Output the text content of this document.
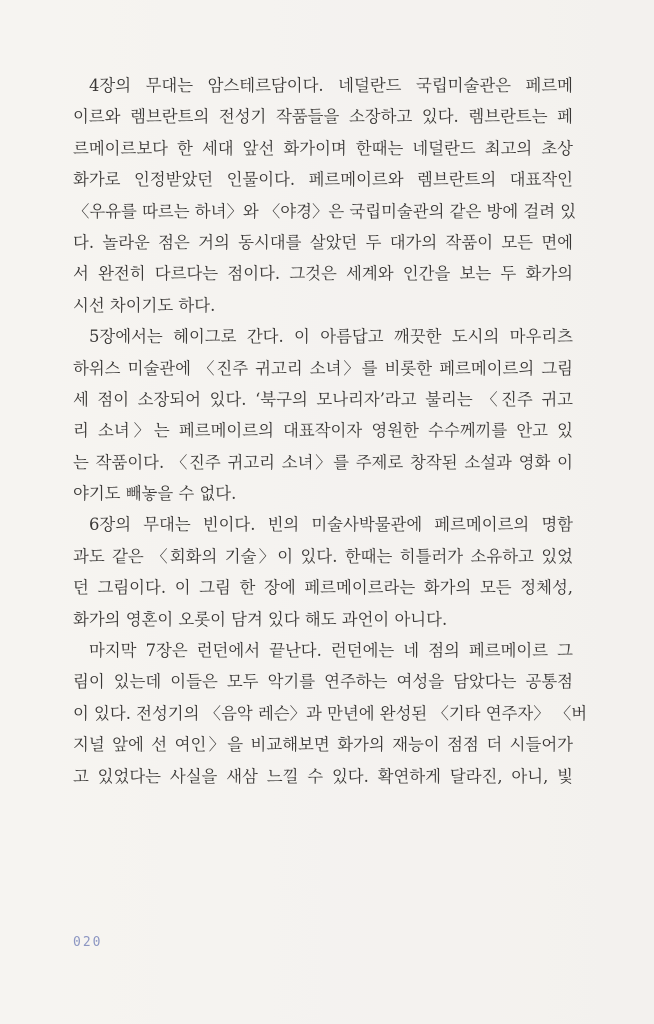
4장의 무대는 암스테르담이다. 네덜란드 국립미술관은 페르메
이르와 렘브란트의 전성기 작품들을 소장하고 있다. 렘브란트는 페
르메이르보다 한 세대 앞선 화가이며 한때는 네덜란드 최고의 초상
화가로 인정받았던 인물이다. 페르메이르와 렘브란트의 대표작인
〈우유를 따르는 하녀〉와 〈야경〉은 국립미술관의 같은 방에 걸려 있
다. 놀라운 점은 거의 동시대를 살았던 두 대가의 작품이 모든 면에
서 완전히 다르다는 점이다. 그것은 세계와 인간을 보는 두 화가의
시선 차이기도 하다.

5장에서는 헤이그로 간다. 이 아름답고 깨끗한 도시의 마우리츠
하위스 미술관에 〈진주 귀고리 소녀〉를 비롯한 페르메이르의 그림
세 점이 소장되어 있다. ‘북구의 모나리자’라고 불리는 〈진주 귀고
리 소녀〉는 페르메이르의 대표작이자 영원한 수수께끼를 안고 있
는 작품이다. 〈진주 귀고리 소녀〉를 주제로 창작된 소설과 영화 이
야기도 빼놓을 수 없다.

6장의 무대는 빈이다. 빈의 미술사박물관에 페르메이르의 명함
과도 같은 〈회화의 기술〉이 있다. 한때는 히틀러가 소유하고 있었
던 그림이다. 이 그림 한 장에 페르메이르라는 화가의 모든 정체성,
화가의 영혼이 오롯이 담겨 있다 해도 과언이 아니다.

마지막 7장은 런던에서 끝난다. 런던에는 네 점의 페르메이르 그
림이 있는데 이들은 모두 악기를 연주하는 여성을 담았다는 공통점
이 있다. 전성기의 〈음악 레슨〉과 만년에 완성된 〈기타 연주자〉 〈버
지널 앞에 선 여인〉을 비교해보면 화가의 재능이 점점 더 시들어가
고 있었다는 사실을 새삼 느낄 수 있다. 확연하게 달라진, 아니, 빛

020
